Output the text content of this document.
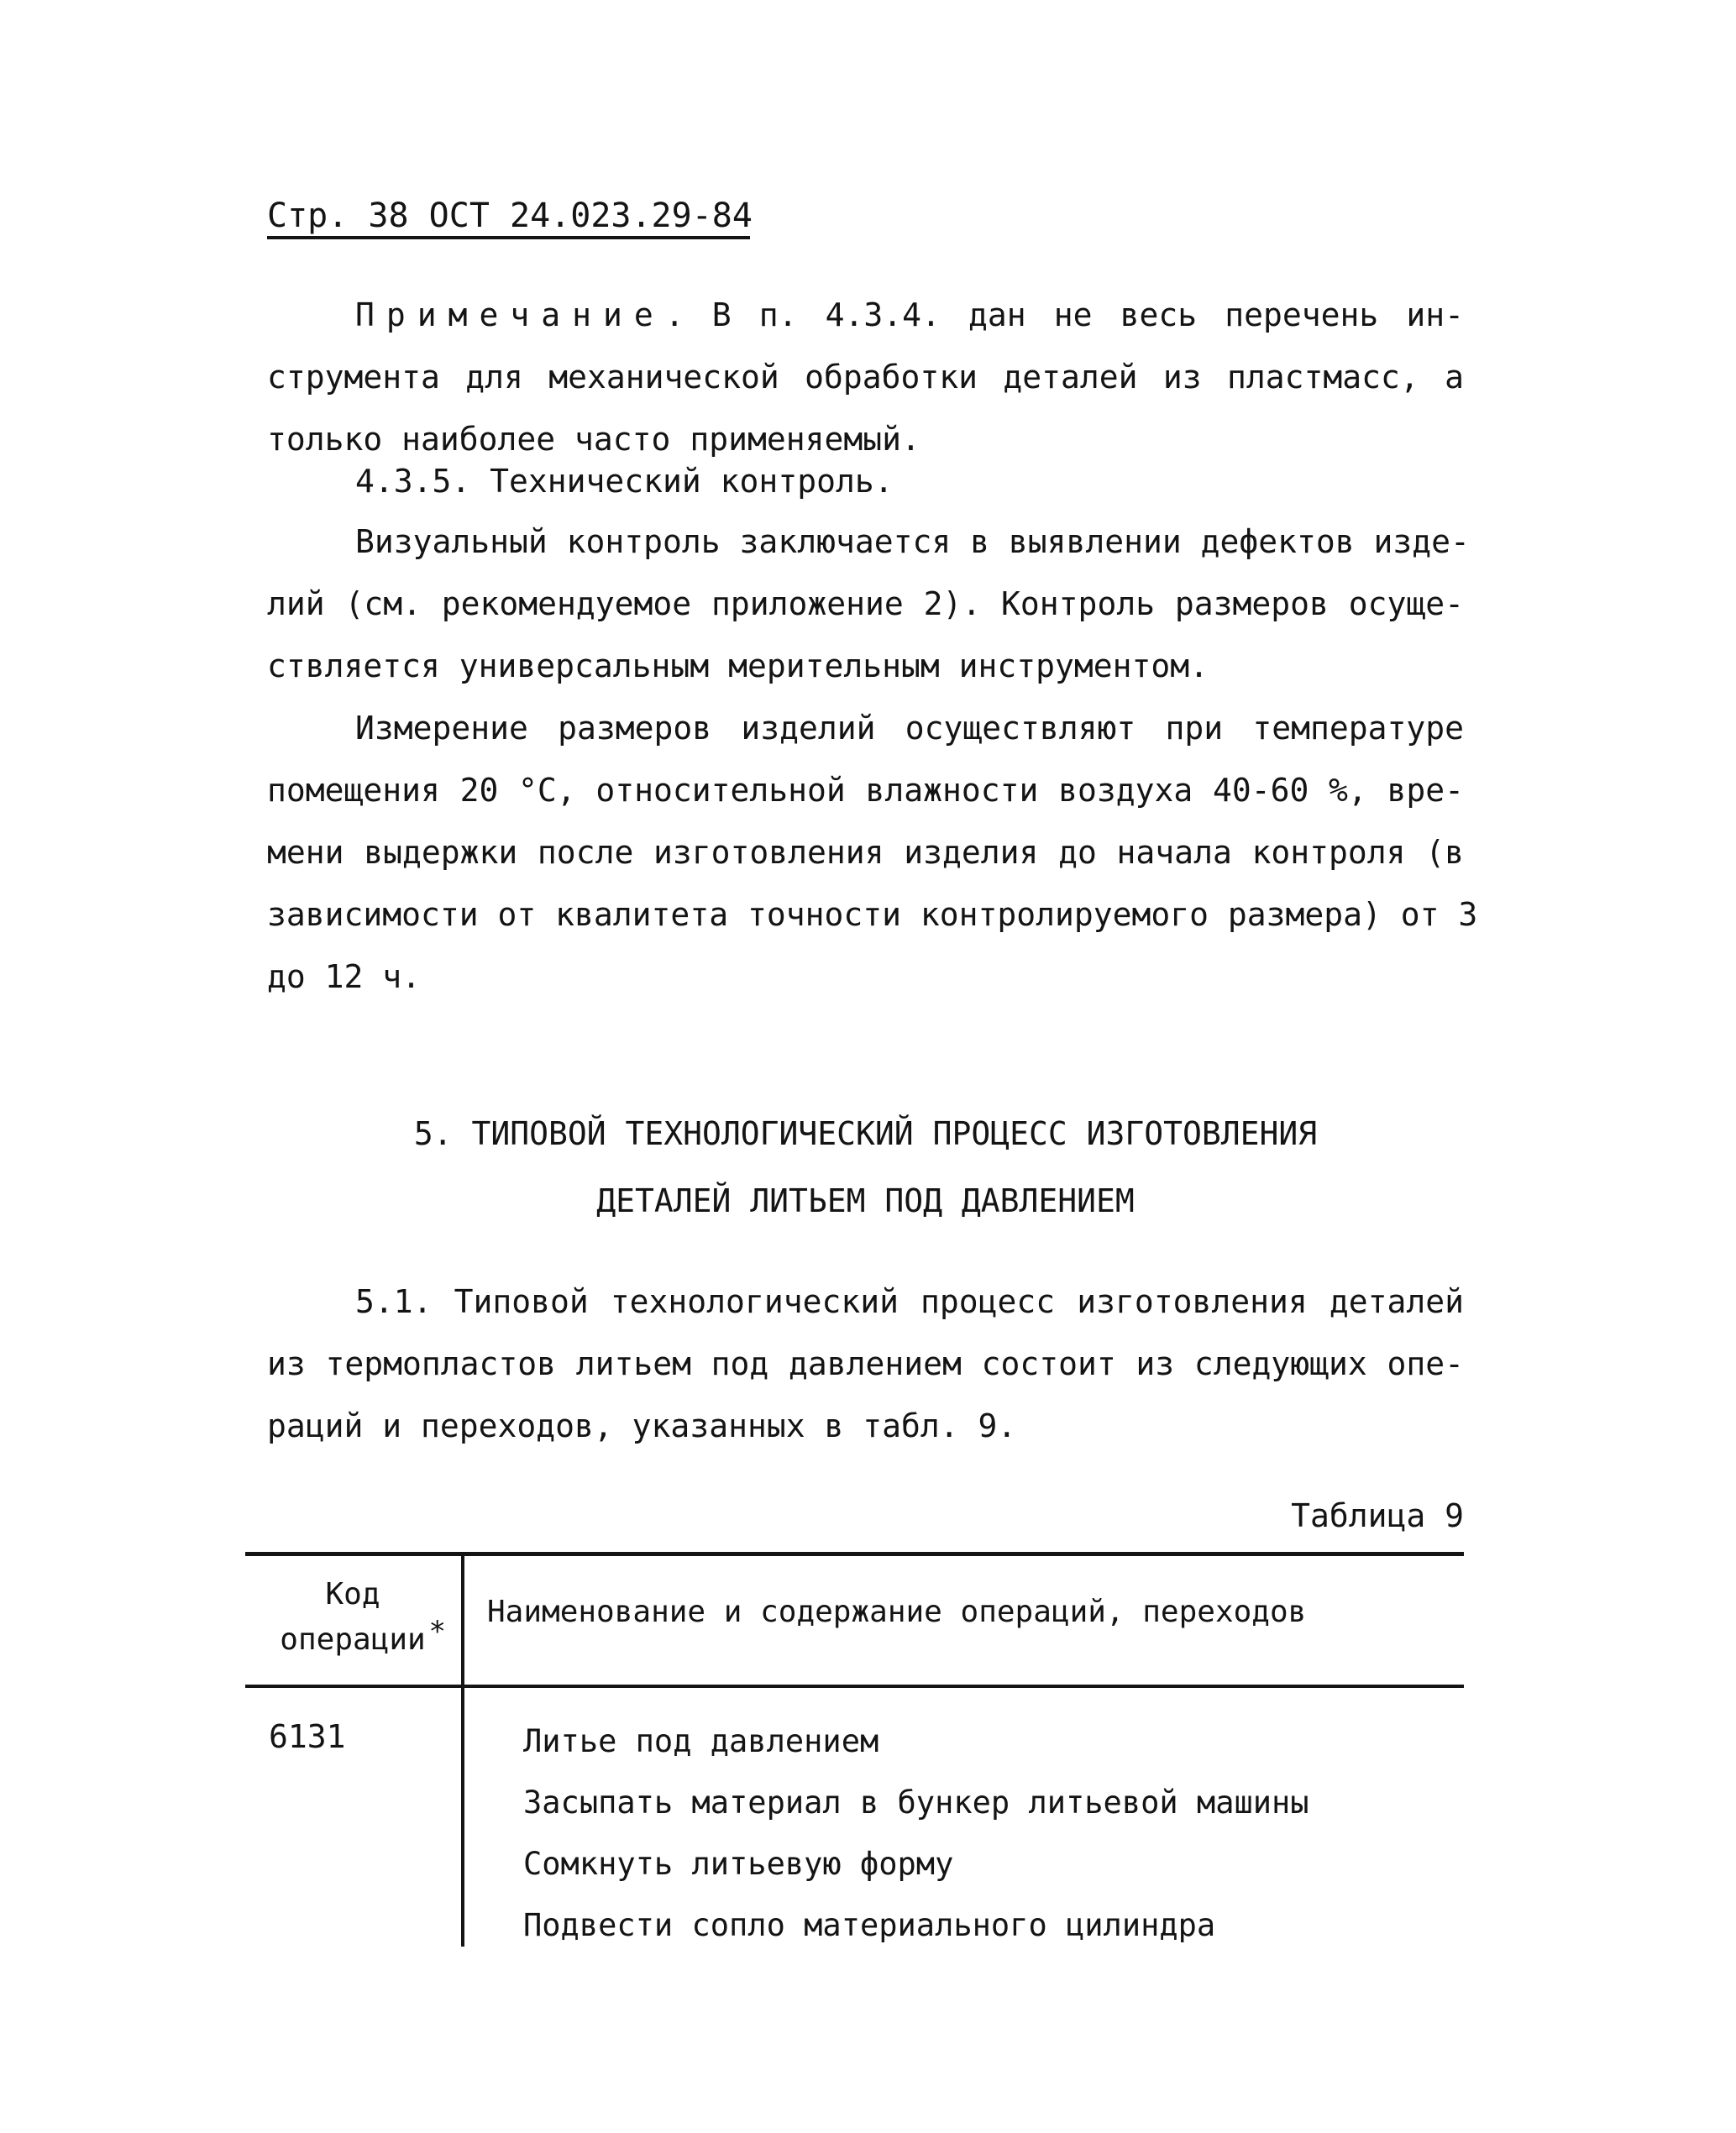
Стр. 38 ОСТ 24.023.29-84

Примечание. В п. 4.3.4. дан не весь перечень ин-
струмента для механической обработки деталей из пластмасс, а
только наиболее часто применяемый.

4.3.5. Технический контроль.

Визуальный контроль заключается в выявлении дефектов изде-
лий (см. рекомендуемое приложение 2). Контроль размеров осуще-
ствляется универсальным мерительным инструментом.

Измерение размеров изделий осуществляют при температуре
помещения 20 °С, относительной влажности воздуха 40-60 %, вре-
мени выдержки после изготовления изделия до начала контроля (в
зависимости от квалитета точности контролируемого размера) от 3
до 12 ч.

5. ТИПОВОЙ ТЕХНОЛОГИЧЕСКИЙ ПРОЦЕСС ИЗГОТОВЛЕНИЯ
ДЕТАЛЕЙ ЛИТЬЕМ ПОД ДАВЛЕНИЕМ

5.1. Типовой технологический процесс изготовления деталей
из термопластов литьем под давлением состоит из следующих опе-
раций и переходов, указанных в табл. 9.

Таблица 9
Код
операции *
Наименование и содержание операций, переходов
6131	Литье под давлением
Засыпать материал в бункер литьевой машины
Сомкнуть литьевую форму
Подвести сопло материального цилиндра
